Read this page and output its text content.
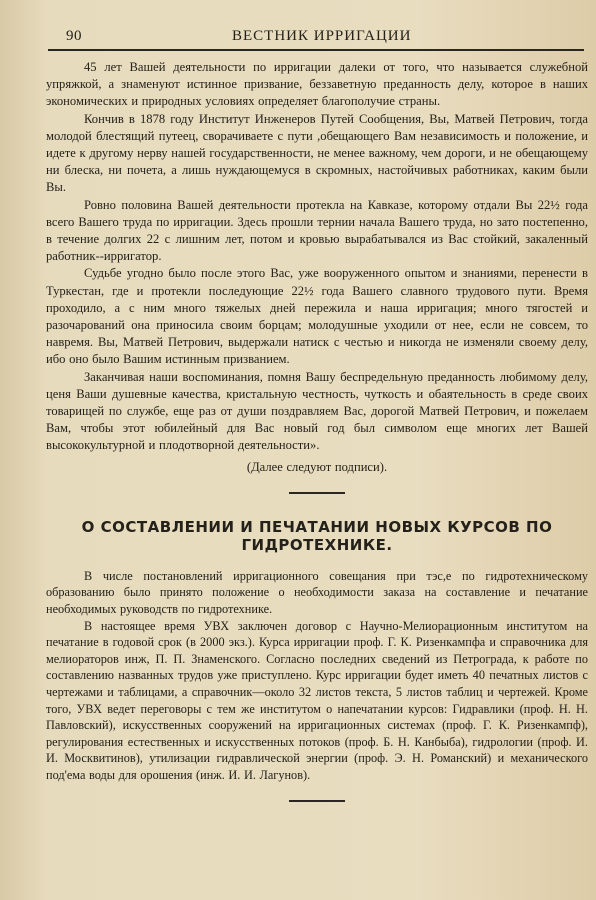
90	ВЕСТНИК ИРРИГАЦИИ

45 лет Вашей деятельности по ирригации далеки от того, что называется служебной упряжкой, а знаменуют истинное призвание, беззаветную преданность делу, которое в наших экономических и природных условиях определяет благополучие страны.

Кончив в 1878 году Институт Инженеров Путей Сообщения, Вы, Матвей Петрович, тогда молодой блестящий путеец, сворачиваете с пути ,обещающего Вам независимость и положение, и идете к другому нерву нашей государственности, не менее важному, чем дороги, и не обещающему ни блеска, ни почета, а лишь нуждающемуся в скромных, настойчивых работниках, каким были Вы.

Ровно половина Вашей деятельности протекла на Кавказе, которому отдали Вы 22½ года всего Вашего труда по ирригации. Здесь прошли тернии начала Вашего труда, но зато постепенно, в течение долгих 22 с лишним лет, потом и кровью вырабатывался из Вас стойкий, закаленный работник--ирригатор.

Судьбе угодно было после этого Вас, уже вооруженного опытом и знаниями, перенести в Туркестан, где и протекли последующие 22½ года Вашего славного трудового пути. Время проходило, а с ним много тяжелых дней пережила и наша ирригация; много тягостей и разочарований она приносила своим борцам; молодушные уходили от нее, если не совсем, то навремя. Вы, Матвей Петрович, выдержали натиск с честью и никогда не изменяли своему делу, ибо оно было Вашим истинным призванием.

Заканчивая наши воспоминания, помня Вашу беспредельную преданность любимому делу, ценя Ваши душевные качества, кристальную честность, чуткость и обаятельность в среде своих товарищей по службе, еще раз от души поздравляем Вас, дорогой Матвей Петрович, и пожелаем Вам, чтобы этот юбилейный для Вас новый год был символом еще многих лет Вашей высококультурной и плодотворной деятельности».

(Далее следуют подписи).

О СОСТАВЛЕНИИ И ПЕЧАТАНИИ НОВЫХ КУРСОВ ПО ГИДРОТЕХНИКЕ.

В числе постановлений ирригационного совещания при тэс,е по гидротехническому образованию было принято положение о необходимости заказа на составление и печатание необходимых руководств по гидротехнике.

В настоящее время УВХ заключен договор с Научно-Мелиорационным институтом на печатание в годовой срок (в 2000 экз.). Курса ирригации проф. Г. К. Ризенкампфа и справочника для мелиораторов инж, П. П. Знаменского. Согласно последних сведений из Петрограда, к работе по составлению названных трудов уже приступлено. Курс ирригации будет иметь 40 печатных листов с чертежами и таблицами, а справочник—около 32 листов текста, 5 листов таблиц и чертежей. Кроме того, УВХ ведет переговоры с тем же институтом о напечатании курсов: Гидравлики (проф. Н. Н. Павловский), искусственных сооружений на ирригационных системах (проф. Г. К. Ризенкампф), регулирования естественных и искусственных потоков (проф. Б. Н. Канбыба), гидрологии (проф. И. И. Москвитинов), утилизации гидравлической энергии (проф. Э. Н. Романский) и механического под'ема воды для орошения (инж. И. И. Лагунов).
